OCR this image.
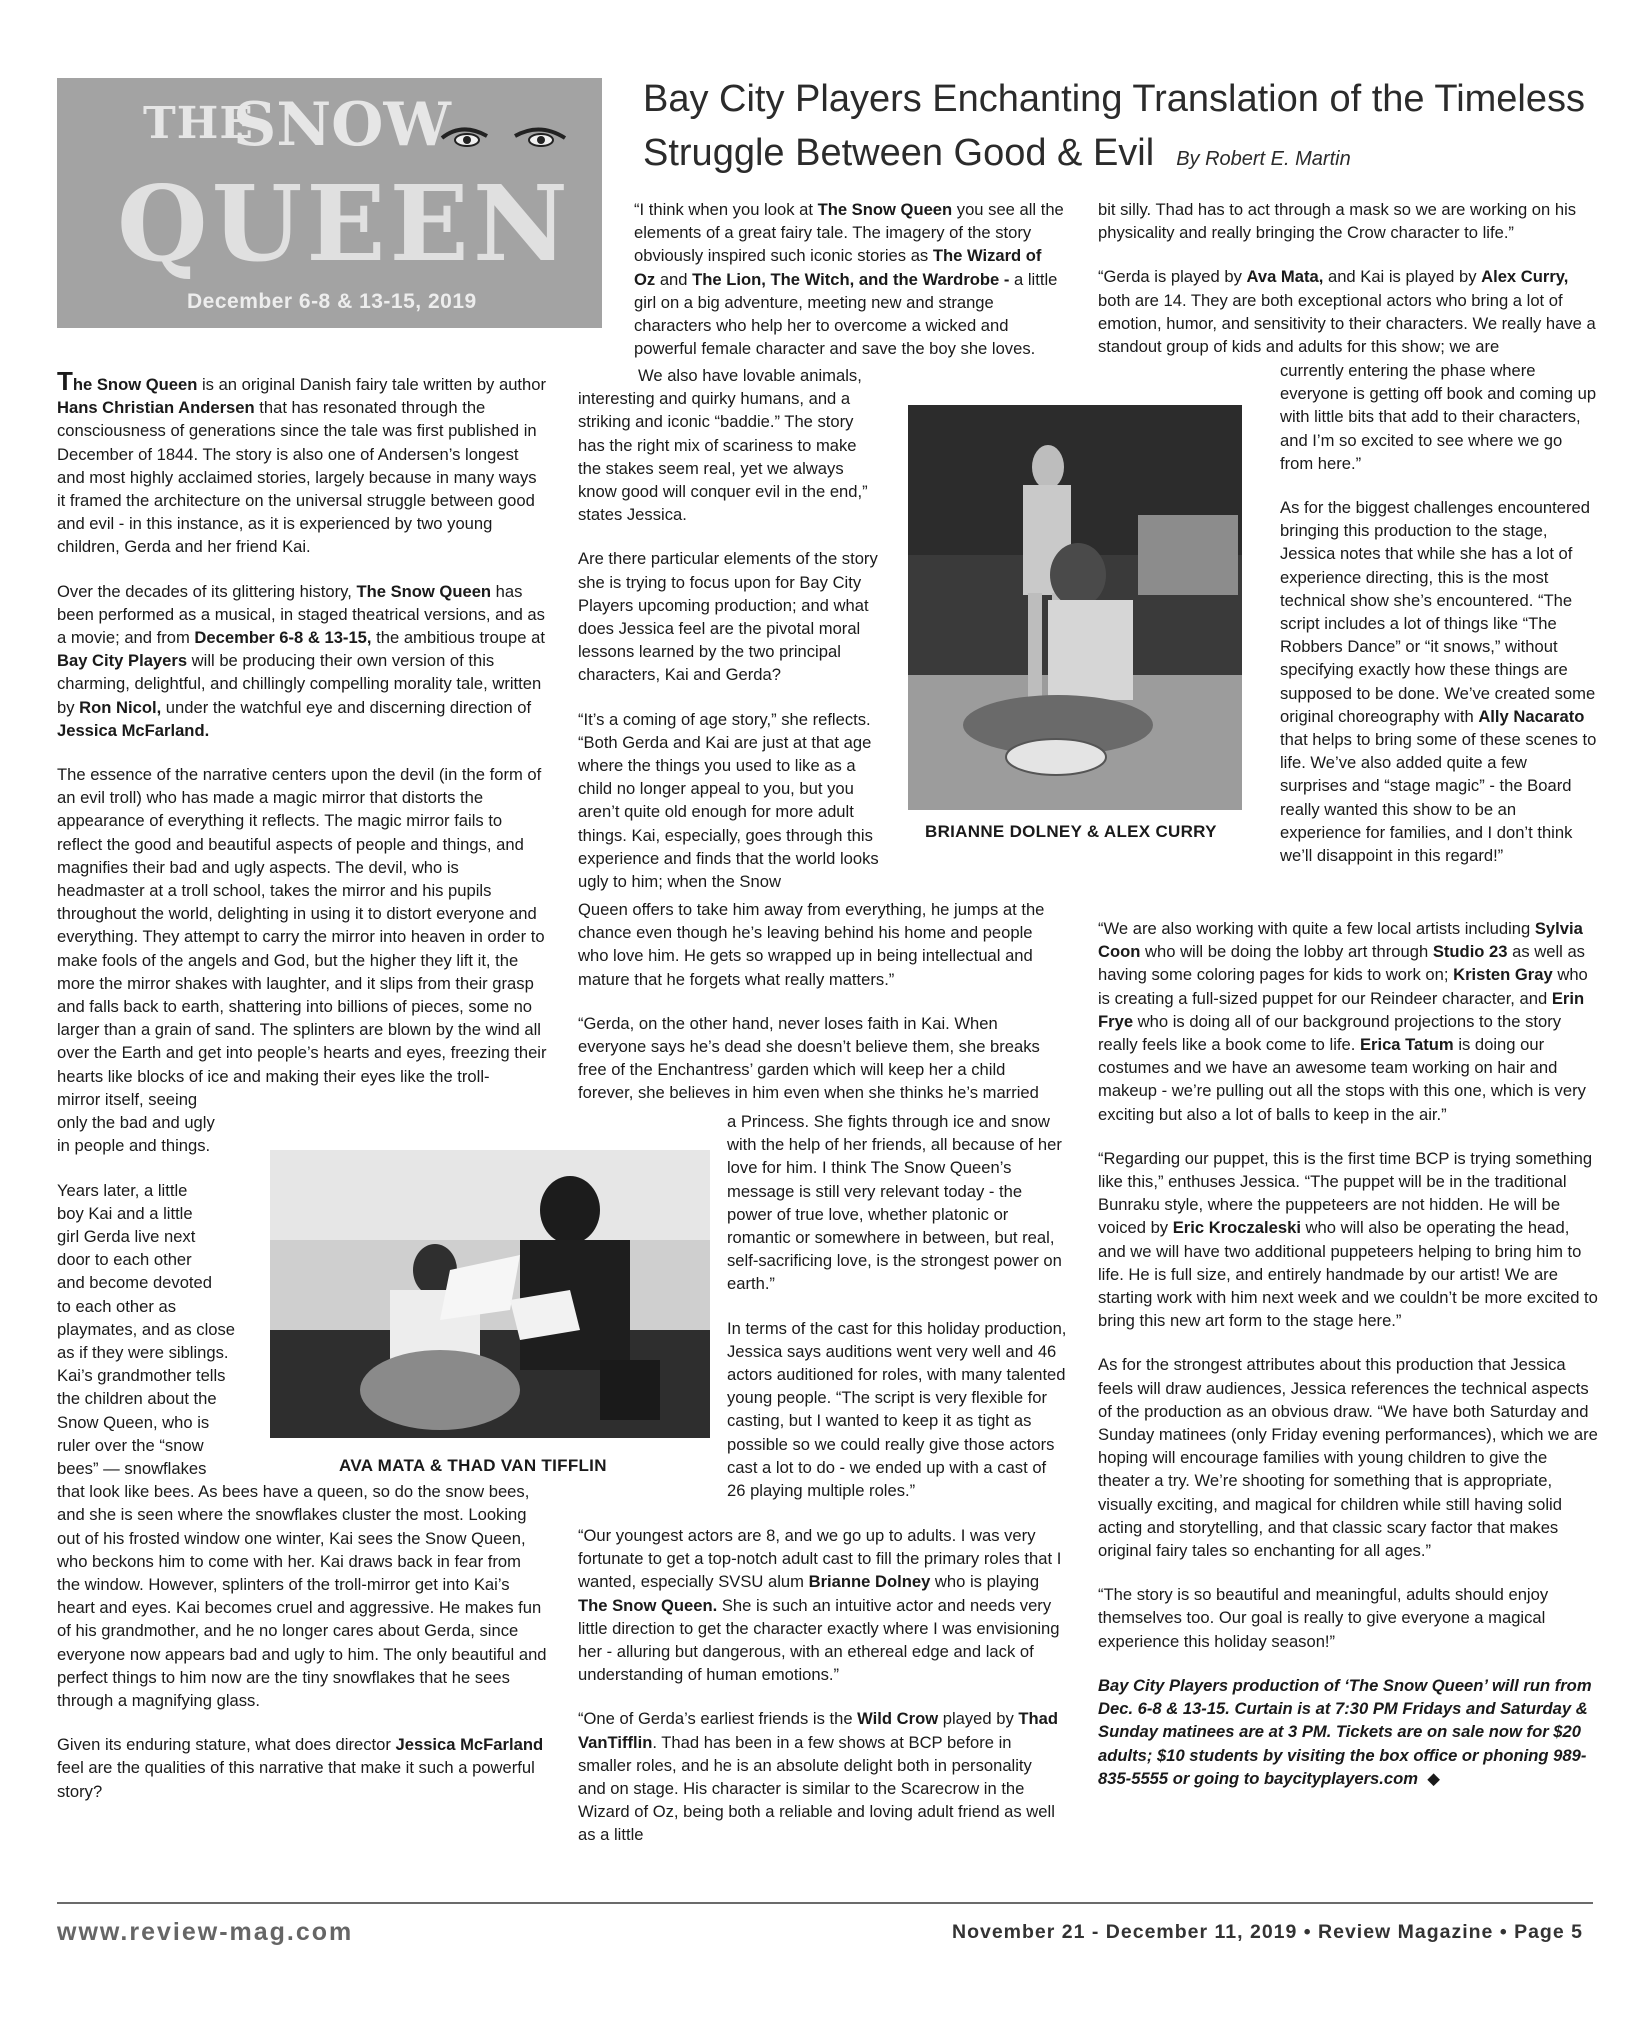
Bay City Players Enchanting Translation of the Timeless
Struggle Between Good & Evil By Robert E. Martin
THE
SNOW
QUEEN
December 6-8 & 13-15, 2019

The Snow Queen is an original Danish fairy tale written by author Hans Christian Andersen that has resonated through the consciousness of generations since the tale was first published in December of 1844. The story is also one of Andersen’s longest and most highly acclaimed stories, largely because in many ways it framed the architecture on the universal struggle between good and evil - in this instance, as it is experienced by two young children, Gerda and her friend Kai.

Over the decades of its glittering history, The Snow Queen has been performed as a musical, in staged theatrical versions, and as a movie; and from December 6-8 & 13-15, the ambitious troupe at Bay City Players will be producing their own version of this charming, delightful, and chillingly compelling morality tale, written by Ron Nicol, under the watchful eye and discerning direction of Jessica McFarland.

The essence of the narrative centers upon the devil (in the form of an evil troll) who has made a magic mirror that distorts the appearance of everything it reflects. The magic mirror fails to reflect the good and beautiful aspects of people and things, and magnifies their bad and ugly aspects. The devil, who is headmaster at a troll school, takes the mirror and his pupils throughout the world, delighting in using it to distort everyone and everything. They attempt to carry the mirror into heaven in order to make fools of the angels and God, but the higher they lift it, the more the mirror shakes with laughter, and it slips from their grasp and falls back to earth, shattering into billions of pieces, some no larger than a grain of sand. The splinters are blown by the wind all over the Earth and get into people’s hearts and eyes, freezing their hearts like blocks of ice and making their eyes like the troll-
mirror itself, seeing
only the bad and ugly
in people and things.

Years later, a little
boy Kai and a little
girl Gerda live next
door to each other
and become devoted
to each other as
playmates, and as close
as if they were siblings.
Kai’s grandmother tells
the children about the
Snow Queen, who is
ruler over the “snow
bees” — snowflakes
that look like bees. As bees have a queen, so do the snow bees, and she is seen where the snowflakes cluster the most. Looking out of his frosted window one winter, Kai sees the Snow Queen, who beckons him to come with her. Kai draws back in fear from the window. However, splinters of the troll-mirror get into Kai’s heart and eyes. Kai becomes cruel and aggressive. He makes fun of his grandmother, and he no longer cares about Gerda, since everyone now appears bad and ugly to him. The only beautiful and perfect things to him now are the tiny snowflakes that he sees through a magnifying glass.

Given its enduring stature, what does director Jessica McFarland feel are the qualities of this narrative that make it such a powerful story?

“I think when you look at The Snow Queen you see all the elements of a great fairy tale. The imagery of the story obviously inspired such iconic stories as The Wizard of Oz and The Lion, The Witch, and the Wardrobe - a little girl on a big adventure, meeting new and strange characters who help her to overcome a wicked and powerful female character and save the boy she loves.

We also have lovable animals, interesting and quirky humans, and a striking and iconic “baddie.” The story has the right mix of scariness to make the stakes seem real, yet we always know good will conquer evil in the end,” states Jessica.

Are there particular elements of the story she is trying to focus upon for Bay City Players upcoming production; and what does Jessica feel are the pivotal moral lessons learned by the two principal characters, Kai and Gerda?

“It’s a coming of age story,” she reflects. “Both Gerda and Kai are just at that age where the things you used to like as a child no longer appeal to you, but you aren’t quite old enough for more adult things. Kai, especially, goes through this experience and finds that the world looks ugly to him; when the Snow

Queen offers to take him away from everything, he jumps at the chance even though he’s leaving behind his home and people who love him. He gets so wrapped up in being intellectual and mature that he forgets what really matters.”

“Gerda, on the other hand, never loses faith in Kai. When everyone says he’s dead she doesn’t believe them, she breaks free of the Enchantress’ garden which will keep her a child forever, she believes in him even when she thinks he’s married

a Princess. She fights through ice and snow with the help of her friends, all because of her love for him. I think The Snow Queen’s message is still very relevant today - the power of true love, whether platonic or romantic or somewhere in between, but real, self-sacrificing love, is the strongest power on earth.”

In terms of the cast for this holiday production, Jessica says auditions went very well and 46 actors auditioned for roles, with many talented young people. “The script is very flexible for casting, but I wanted to keep it as tight as possible so we could really give those actors cast a lot to do - we ended up with a cast of 26 playing multiple roles.”

“Our youngest actors are 8, and we go up to adults. I was very fortunate to get a top-notch adult cast to fill the primary roles that I wanted, especially SVSU alum Brianne Dolney who is playing The Snow Queen. She is such an intuitive actor and needs very little direction to get the character exactly where I was envisioning her - alluring but dangerous, with an ethereal edge and lack of understanding of human emotions.”

“One of Gerda’s earliest friends is the Wild Crow played by Thad VanTifflin. Thad has been in a few shows at BCP before in smaller roles, and he is an absolute delight both in personality and on stage. His character is similar to the Scarecrow in the Wizard of Oz, being both a reliable and loving adult friend as well as a little

bit silly. Thad has to act through a mask so we are working on his physicality and really bringing the Crow character to life.”

“Gerda is played by Ava Mata, and Kai is played by Alex Curry, both are 14. They are both exceptional actors who bring a lot of emotion, humor, and sensitivity to their characters. We really have a standout group of kids and adults for this show; we are

currently entering the phase where everyone is getting off book and coming up with little bits that add to their characters, and I’m so excited to see where we go from here.”

As for the biggest challenges encountered bringing this production to the stage, Jessica notes that while she has a lot of experience directing, this is the most technical show she’s encountered. “The script includes a lot of things like “The Robbers Dance” or “it snows,” without specifying exactly how these things are supposed to be done. We’ve created some original choreography with Ally Nacarato that helps to bring some of these scenes to life. We’ve also added quite a few surprises and “stage magic” - the Board really wanted this show to be an experience for families, and I don’t think we’ll disappoint in this regard!”

“We are also working with quite a few local artists including Sylvia Coon who will be doing the lobby art through Studio 23 as well as having some coloring pages for kids to work on; Kristen Gray who is creating a full-sized puppet for our Reindeer character, and Erin Frye who is doing all of our background projections to the story really feels like a book come to life. Erica Tatum is doing our costumes and we have an awesome team working on hair and makeup - we’re pulling out all the stops with this one, which is very exciting but also a lot of balls to keep in the air.”

“Regarding our puppet, this is the first time BCP is trying something like this,” enthuses Jessica. “The puppet will be in the traditional Bunraku style, where the puppeteers are not hidden. He will be voiced by Eric Kroczaleski who will also be operating the head, and we will have two additional puppeteers helping to bring him to life. He is full size, and entirely handmade by our artist! We are starting work with him next week and we couldn’t be more excited to bring this new art form to the stage here.”

As for the strongest attributes about this production that Jessica feels will draw audiences, Jessica references the technical aspects of the production as an obvious draw. “We have both Saturday and Sunday matinees (only Friday evening performances), which we are hoping will encourage families with young children to give the theater a try. We’re shooting for something that is appropriate, visually exciting, and magical for children while still having solid acting and storytelling, and that classic scary factor that makes original fairy tales so enchanting for all ages.”

“The story is so beautiful and meaningful, adults should enjoy themselves too. Our goal is really to give everyone a magical experience this holiday season!”

Bay City Players production of ‘The Snow Queen’ will run from Dec. 6-8 & 13-15. Curtain is at 7:30 PM Fridays and Saturday & Sunday matinees are at 3 PM. Tickets are on sale now for $20 adults; $10 students by visiting the box office or phoning 989-835-5555 or going to baycityplayers.com  ◆

BRIANNE DOLNEY & ALEX CURRY
AVA MATA & THAD VAN TIFFLIN
www.review-mag.com	November 21 - December 11, 2019 • Review Magazine • Page 5
